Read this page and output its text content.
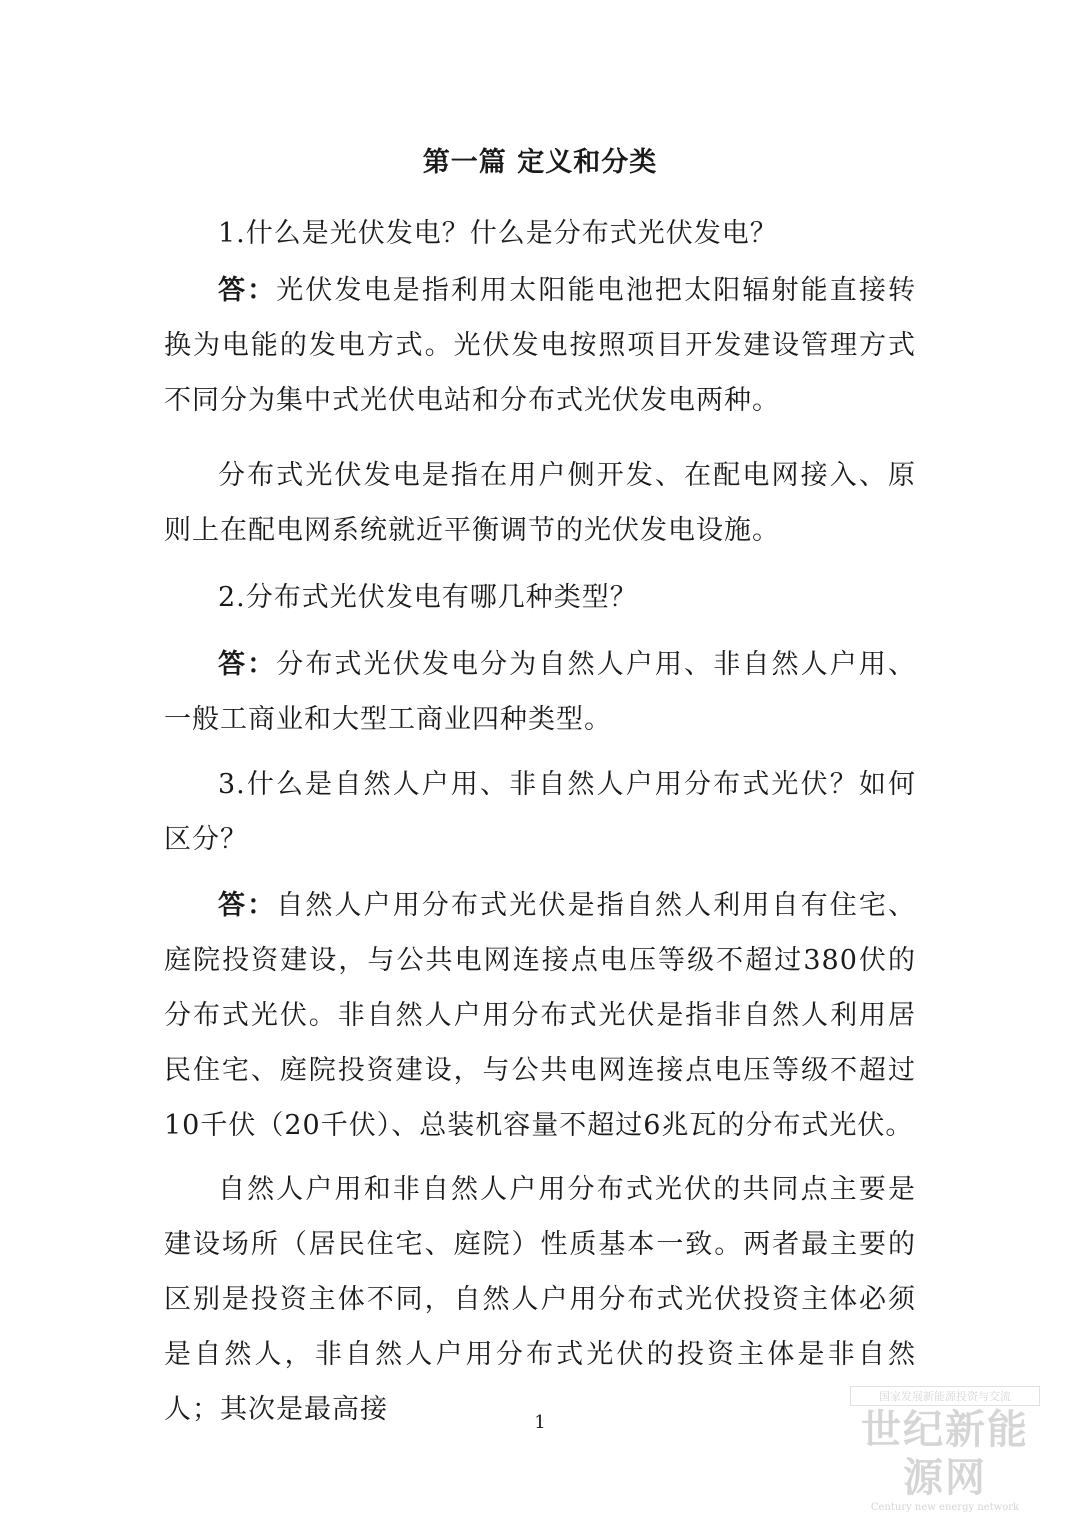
第一篇 定义和分类
1.什么是光伏发电？什么是分布式光伏发电？
答：光伏发电是指利用太阳能电池把太阳辐射能直接转换为电能的发电方式。光伏发电按照项目开发建设管理方式不同分为集中式光伏电站和分布式光伏发电两种。
分布式光伏发电是指在用户侧开发、在配电网接入、原则上在配电网系统就近平衡调节的光伏发电设施。
2.分布式光伏发电有哪几种类型？
答：分布式光伏发电分为自然人户用、非自然人户用、一般工商业和大型工商业四种类型。
3.什么是自然人户用、非自然人户用分布式光伏？如何区分？
答：自然人户用分布式光伏是指自然人利用自有住宅、庭院投资建设，与公共电网连接点电压等级不超过380伏的分布式光伏。非自然人户用分布式光伏是指非自然人利用居民住宅、庭院投资建设，与公共电网连接点电压等级不超过10千伏（20千伏）、总装机容量不超过6兆瓦的分布式光伏。
自然人户用和非自然人户用分布式光伏的共同点主要是建设场所（居民住宅、庭院）性质基本一致。两者最主要的区别是投资主体不同，自然人户用分布式光伏投资主体必须是自然人，非自然人户用分布式光伏的投资主体是非自然人；其次是最高接	1
国家发展新能源投资与交流
世纪新能源网
Century new energy network
